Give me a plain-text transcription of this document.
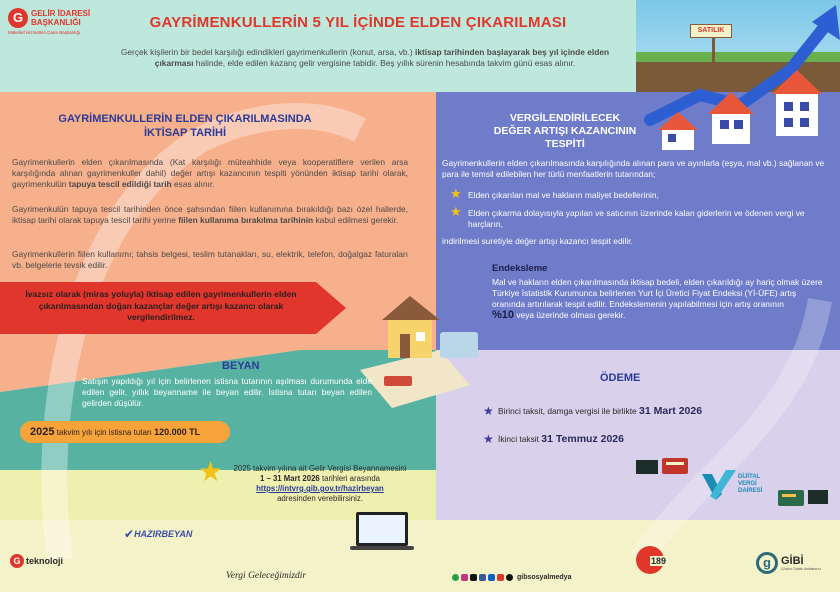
G GELİR İDARESİ
BAŞKANLIĞI
Mükellef Hizmetleri Daire Başkanlığı
GAYRİMENKULLERİN 5 YIL İÇİNDE ELDEN ÇIKARILMASI
Gerçek kişilerin bir bedel karşılığı edindikleri gayrimenkullerin (konut, arsa, vb.) iktisap tarihinden başlayarak beş yıl içinde elden çıkarması halinde, elde edilen kazanç gelir vergisine tabidir. Beş yıllık sürenin hesabında takvim günü esas alınır.
SATILIK
GAYRİMENKULLERİN ELDEN ÇIKARILMASINDA
İKTİSAP TARİHİ
Gayrimenkullerin elden çıkarılmasında (Kat karşılığı müteahhide veya kooperatiflere verilen arsa karşılığında alınan gayrimenkuller dahil) değer artışı kazancının tespiti yönünden iktisap tarihi olarak, gayrimenkulün tapuya tescil edildiği tarih esas alınır.
Gayrimenkulün tapuya tescil tarihinden önce şahsından fiilen kullanımına bırakıldığı bazı özel hallerde, iktisap tarihi olarak tapuya tescil tarihi yerine fiilen kullanıma bırakılma tarihinin kabul edilmesi gerekir.
Gayrimenkullerin fiilen kullanımı; tahsis belgesi, teslim tutanakları, su, elektrik, telefon, doğalgaz faturaları vb. belgelerle tevsik edilir.
İvazsız olarak (miras yoluyla) iktisap edilen gayrimenkullerin elden çıkarılmasından doğan kazançlar değer artışı kazancı olarak vergilendirilmez.
VERGİLENDİRİLECEK
DEĞER ARTIŞI KAZANCININ
TESPİTİ
Gayrimenkullerin elden çıkarılmasında karşılığında alınan para ve ayınlarla (eşya, mal vb.) sağlanan ve para ile temsil edilebilen her türlü menfaatlerin tutarından;
★ Elden çıkarılan mal ve hakların maliyet bedellerinin,
★ Elden çıkarma dolayısıyla yapılan ve satıcının üzerinde kalan giderlerin ve ödenen vergi ve harçların,
indirilmesi suretiyle değer artışı kazancı tespit edilir.
Endeksleme
Mal ve hakların elden çıkarılmasında iktisap bedeli, elden çıkarıldığı ay hariç olmak üzere Türkiye İstatistik Kurumunca belirlenen Yurt İçi Üretici Fiyat Endeksi (Yİ-ÜFE) artış oranında artırılarak tespit edilir. Endekslemenin yapılabilmesi için artış oranının
%10 veya üzerinde olması gerekir.
BEYAN
Satışın yapıldığı yıl için belirlenen istisna tutarının aşılması durumunda elde edilen gelir, yıllık beyanname ile beyan edilir. İstisna tutarı beyan edilen gelirden düşülür.
2025 takvim yılı için istisna tutarı 120.000 TL
★	2025 takvim yılına ait Gelir Vergisi Beyannamesini
1 – 31 Mart 2026 tarihleri arasında
https://intvrg.gib.gov.tr/hazirbeyan
adresinden verebilirsiniz.
ÖDEME
★ Birinci taksit, damga vergisi ile birlikte 31 Mart 2026
★ İkinci taksit 31 Temmuz 2026
DİJİTAL
VERGİ
DAİRESİ
G teknoloji
✔ HAZIRBEYAN
Vergi Geleceğimizdir	gibsosyalmedya
189	g GİBİ
Çözüm Odaklı Asistanınız
